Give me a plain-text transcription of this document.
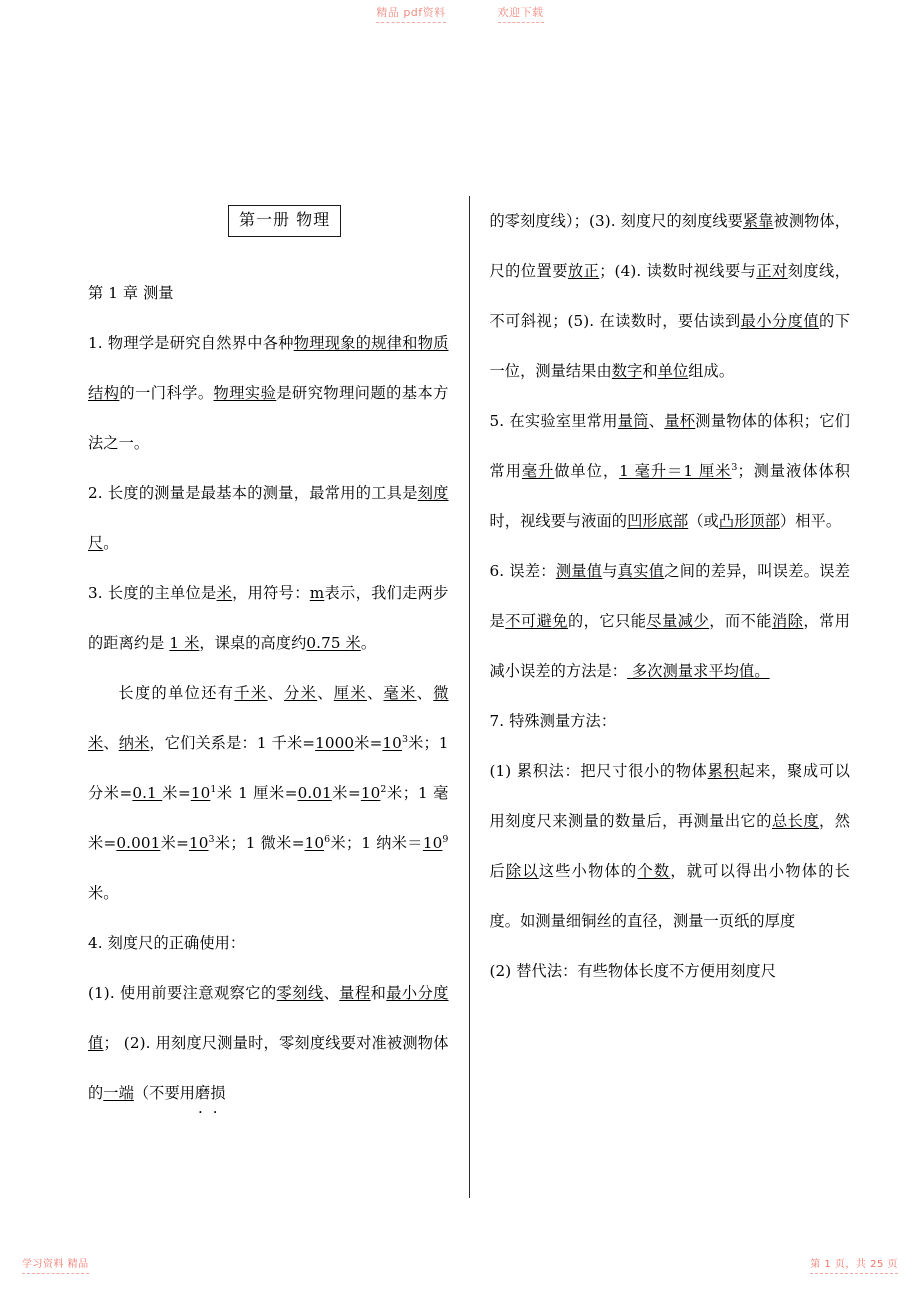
精品 pdf资料	欢迎下载
第一册 物理

第 1 章 测量

1. 物理学是研究自然界中各种物理现象的规律和物质结构的一门科学。物理实验是研究物理问题的基本方法之一。

2. 长度的测量是最基本的测量，最常用的工具是刻度尺。

3. 长度的主单位是米，用符号：m表示，我们走两步的距离约是 1 米，课桌的高度约0.75 米。

长度的单位还有千米、分米、厘米、毫米、微米、纳米，它们关系是：1 千米=1000米$=10^3$米；1 分米=0.1 米$=10^1$米 1 厘米=0.01米$=10^2$米；1 毫米=0.001米$=10^3$米；1 微米$=10^6$米；1 纳米$=10^9$米。

4. 刻度尺的正确使用：

(1). 使用前要注意观察它的零刻线、量程和最小分度值； (2). 用刻度尺测量时，零刻度线要对准被测物体的一端（不要用磨损 ··

的零刻度线）；(3). 刻度尺的刻度线要紧靠被测物体，尺的位置要放正；(4). 读数时视线要与正对刻度线，不可斜视；(5). 在读数时，要估读到最小分度值的下一位，测量结果由数字和单位组成。

5. 在实验室里常用量筒、量杯测量物体的体积；它们常用毫升做单位，1 毫升＝1 厘米$^3$；测量液体体积时，视线要与液面的凹形底部（或凸形顶部）相平。

6. 误差：测量值与真实值之间的差异，叫误差。误差是不可避免的，它只能尽量减少，而不能消除，常用减小误差的方法是： 多次测量求平均值。

7. 特殊测量方法：

(1) 累积法：把尺寸很小的物体累积起来，聚成可以用刻度尺来测量的数量后，再测量出它的总长度，然后除以这些小物体的个数，就可以得出小物体的长度。如测量细铜丝的直径，测量一页纸的厚度

(2) 替代法：有些物体长度不方便用刻度尺

学习资料 精品	第 1 页，共 25 页
